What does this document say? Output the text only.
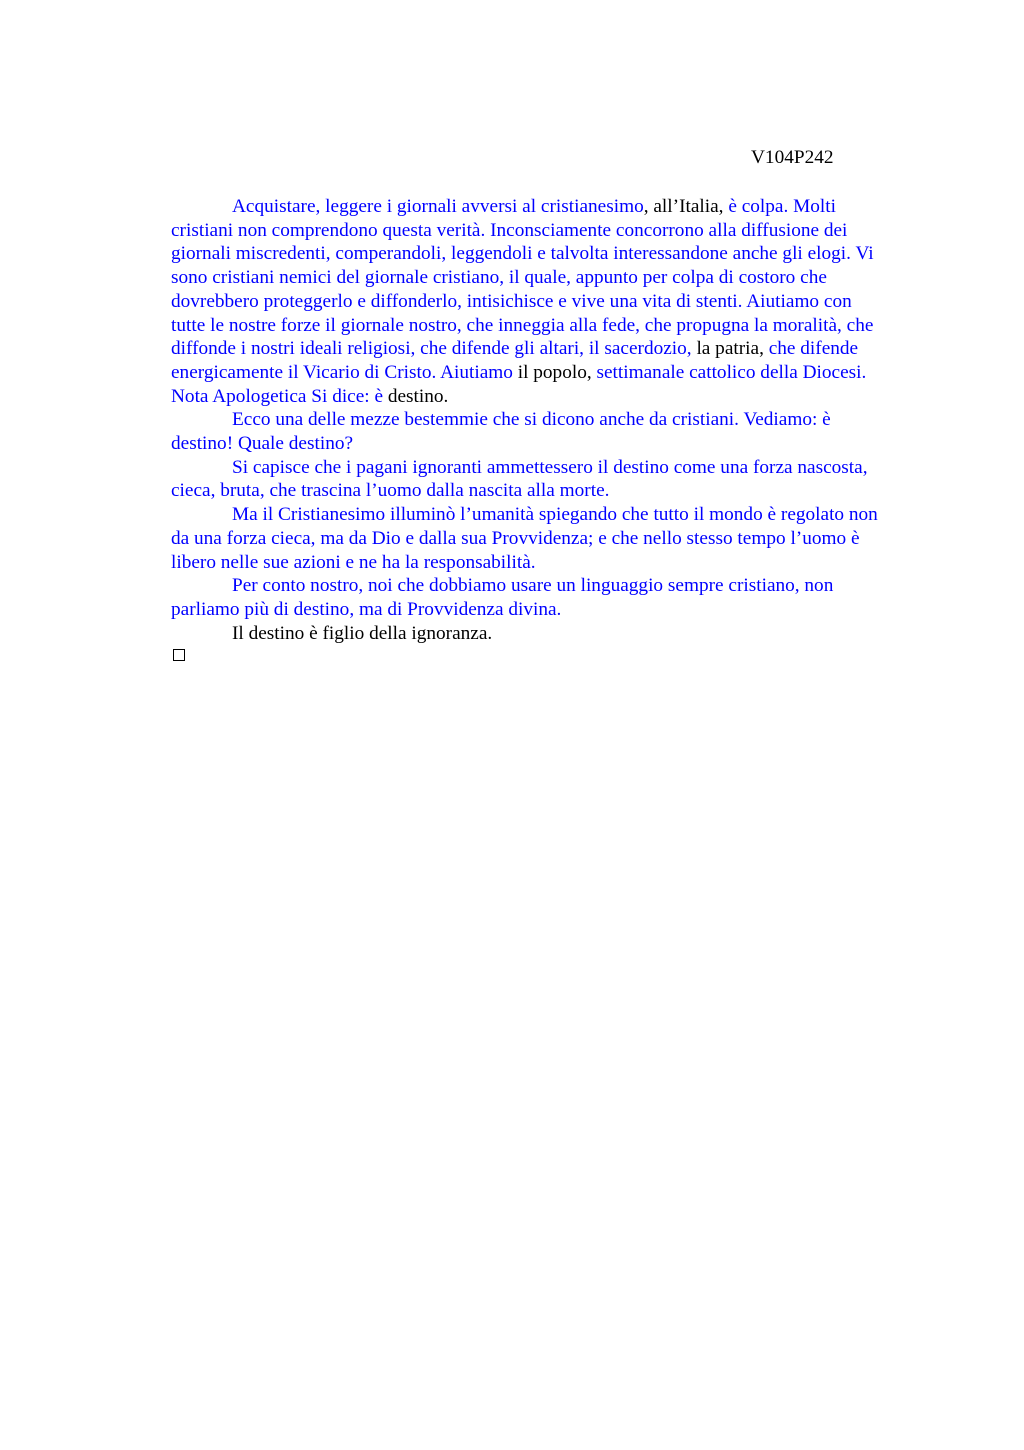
V104P242

Acquistare, leggere i giornali avversi al cristianesimo, all’Italia, è colpa. Molti

cristiani non comprendono questa verità. Inconsciamente concorrono alla diffusione dei

giornali miscredenti, comperandoli, leggendoli e talvolta interessandone anche gli elogi. Vi

sono cristiani nemici del giornale cristiano, il quale, appunto per colpa di costoro che

dovrebbero proteggerlo e diffonderlo, intisichisce e vive una vita di stenti. Aiutiamo con

tutte le nostre forze il giornale nostro, che inneggia alla fede, che propugna la moralità, che

diffonde i nostri ideali religiosi, che difende gli altari, il sacerdozio, la patria, che difende

energicamente il Vicario di Cristo. Aiutiamo il popolo, settimanale cattolico della Diocesi.

Nota Apologetica Si dice: è destino.

Ecco una delle mezze bestemmie che si dicono anche da cristiani. Vediamo: è

destino! Quale destino?

Si capisce che i pagani ignoranti ammettessero il destino come una forza nascosta,

cieca, bruta, che trascina l’uomo dalla nascita alla morte.

Ma il Cristianesimo illuminò l’umanità spiegando che tutto il mondo è regolato non

da una forza cieca, ma da Dio e dalla sua Provvidenza; e che nello stesso tempo l’uomo è

libero nelle sue azioni e ne ha la responsabilità.

Per conto nostro, noi che dobbiamo usare un linguaggio sempre cristiano, non

parliamo più di destino, ma di Provvidenza divina.

Il destino è figlio della ignoranza.
